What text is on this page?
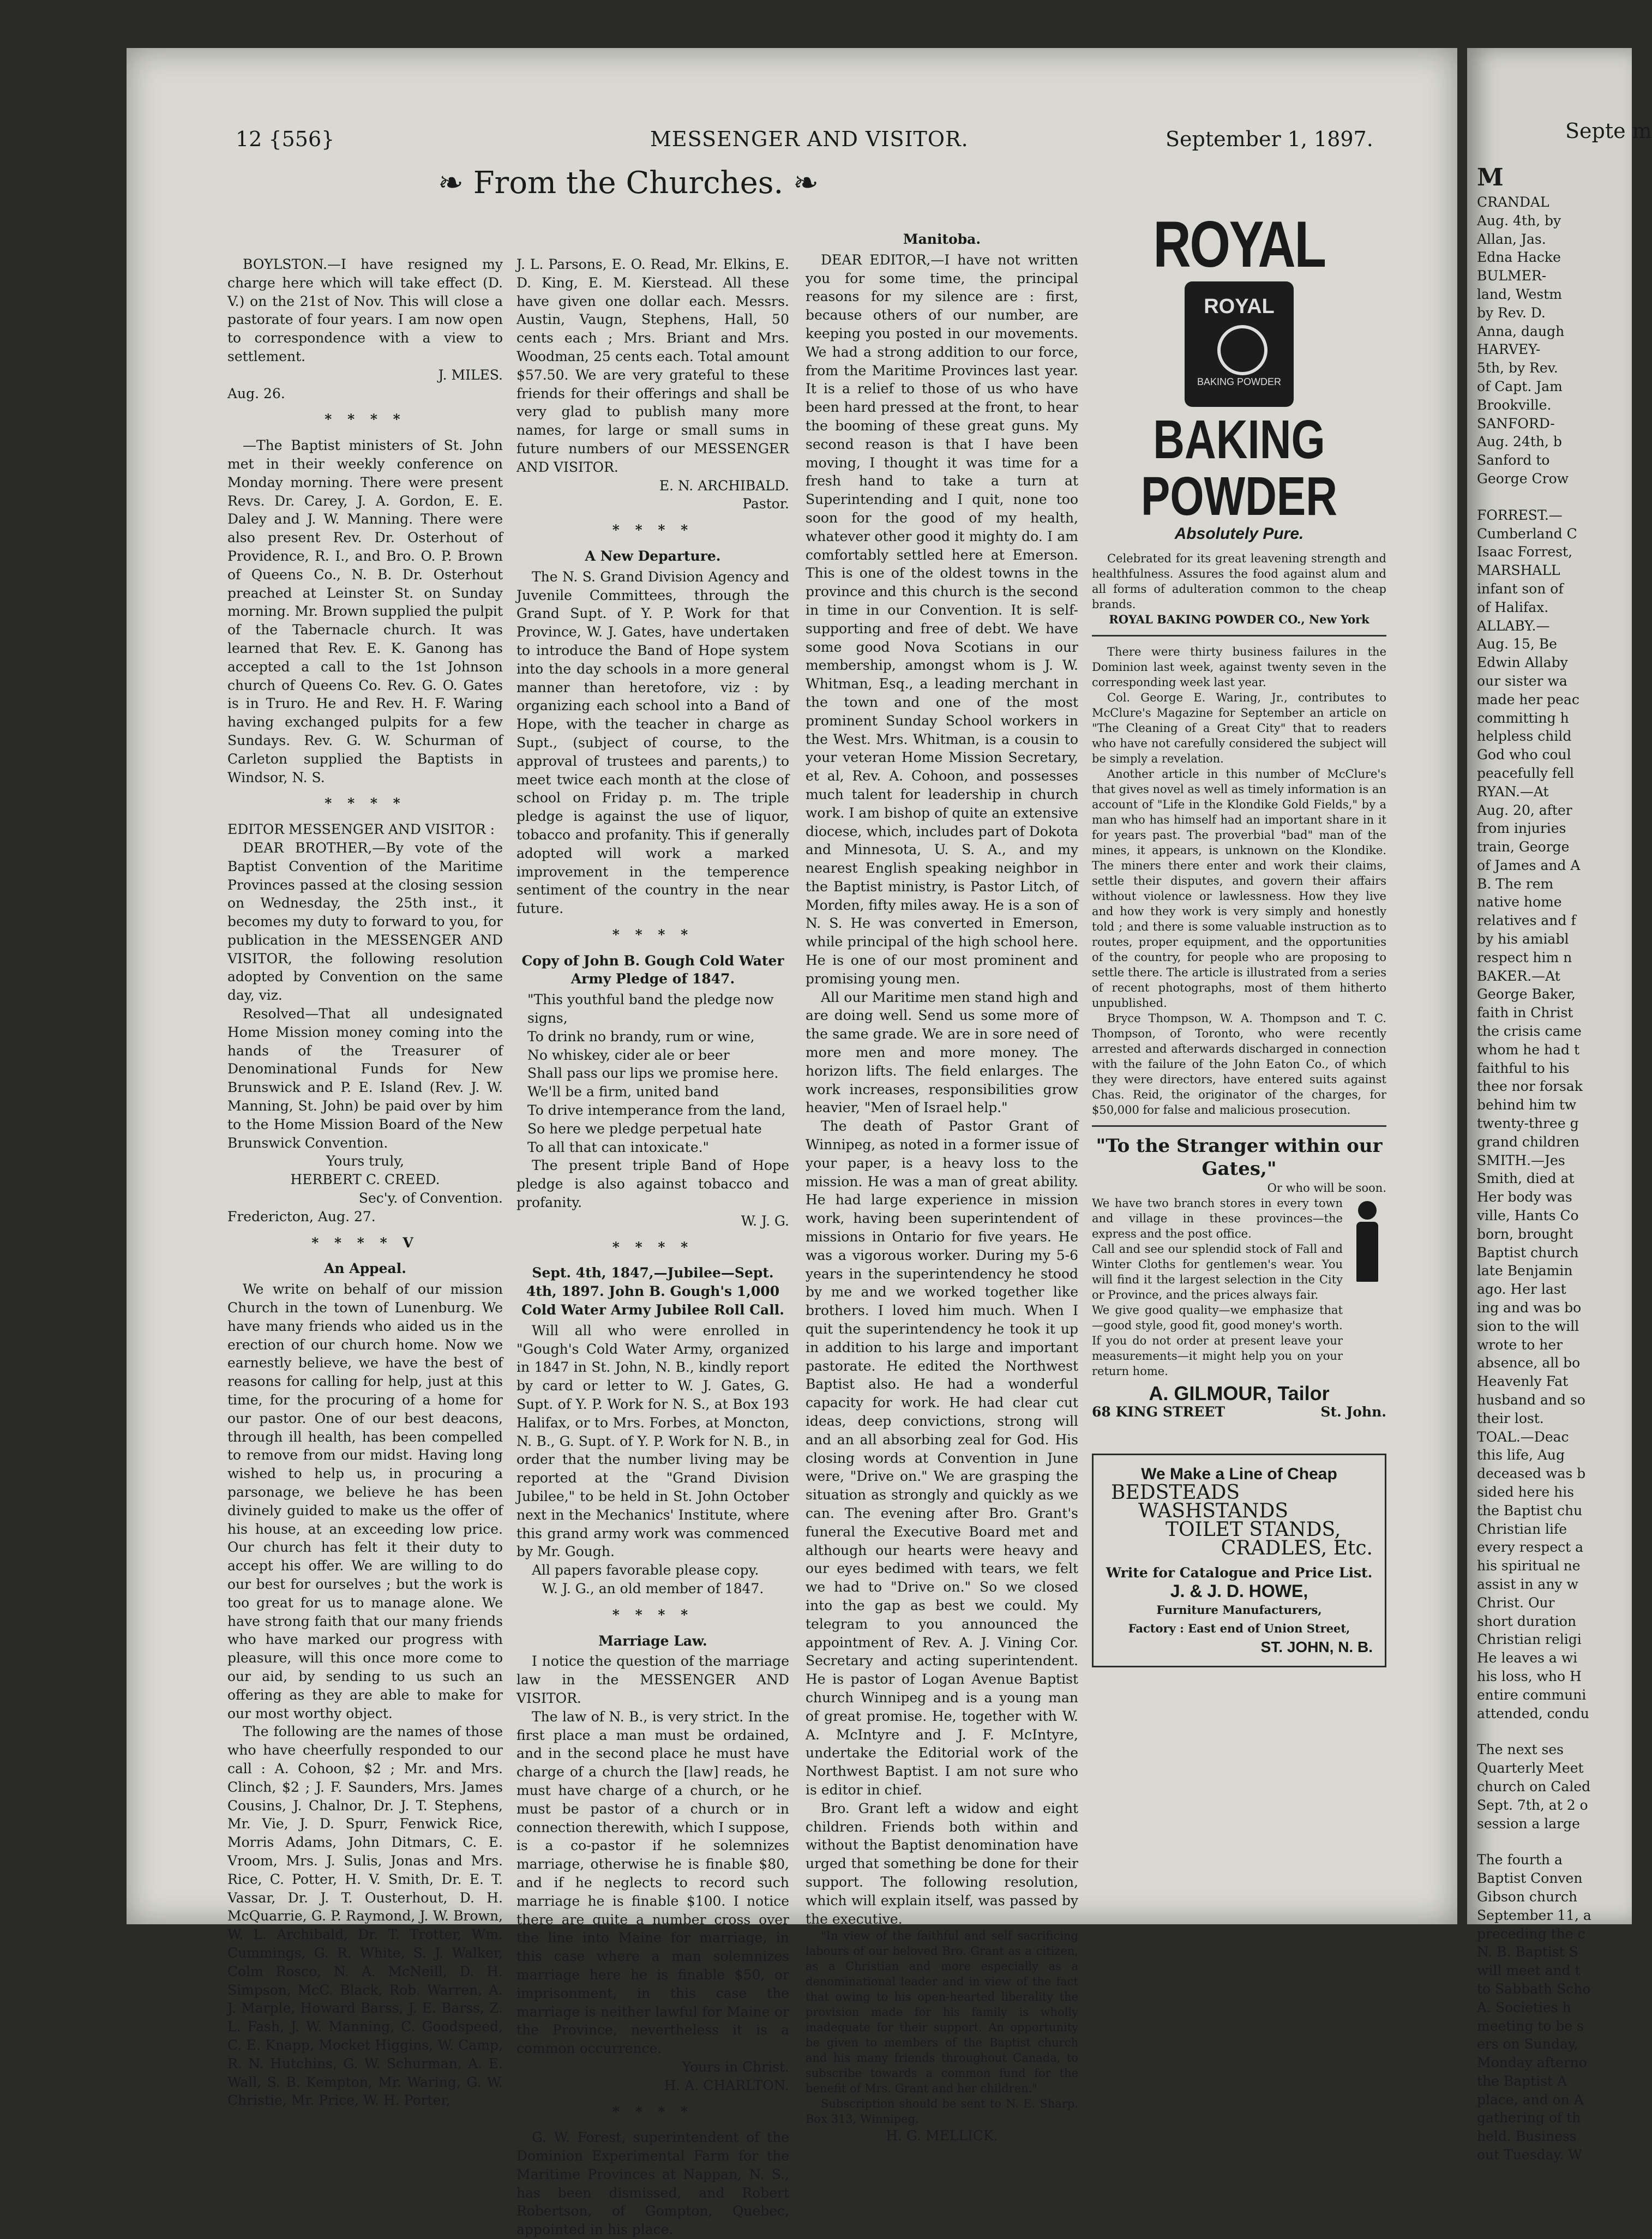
12 {556}	MESSENGER AND VISITOR.	September 1, 1897.
❧ From the Churches. ❧

BOYLSTON.—I have resigned my charge here which will take effect (D. V.) on the 21st of Nov. This will close a pastorate of four years. I am now open to correspondence with a view to settlement.

J. MILES.

Aug. 26.

* * * *

—The Baptist ministers of St. John met in their weekly conference on Monday morning. There were present Revs. Dr. Carey, J. A. Gordon, E. E. Daley and J. W. Manning. There were also present Rev. Dr. Osterhout of Providence, R. I., and Bro. O. P. Brown of Queens Co., N. B. Dr. Osterhout preached at Leinster St. on Sunday morning. Mr. Brown supplied the pulpit of the Tabernacle church. It was learned that Rev. E. K. Ganong has accepted a call to the 1st Johnson church of Queens Co. Rev. G. O. Gates is in Truro. He and Rev. H. F. Waring having exchanged pulpits for a few Sundays. Rev. G. W. Schurman of Carleton supplied the Baptists in Windsor, N. S.

* * * *

EDITOR MESSENGER AND VISITOR :

DEAR BROTHER,—By vote of the Baptist Convention of the Maritime Provinces passed at the closing session on Wednesday, the 25th inst., it becomes my duty to forward to you, for publication in the MESSENGER AND VISITOR, the following resolution adopted by Convention on the same day, viz.

Resolved—That all undesignated Home Mission money coming into the hands of the Treasurer of Denominational Funds for New Brunswick and P. E. Island (Rev. J. W. Manning, St. John) be paid over by him to the Home Mission Board of the New Brunswick Convention.

Yours truly,

HERBERT C. CREED.

Sec'y. of Convention.

Fredericton, Aug. 27.

* * * * V
An Appeal.

We write on behalf of our mission Church in the town of Lunenburg. We have many friends who aided us in the erection of our church home. Now we earnestly believe, we have the best of reasons for calling for help, just at this time, for the procuring of a home for our pastor. One of our best deacons, through ill health, has been compelled to remove from our midst. Having long wished to help us, in procuring a parsonage, we believe he has been divinely guided to make us the offer of his house, at an exceeding low price. Our church has felt it their duty to accept his offer. We are willing to do our best for ourselves ; but the work is too great for us to manage alone. We have strong faith that our many friends who have marked our progress with pleasure, will this once more come to our aid, by sending to us such an offering as they are able to make for our most worthy object.

The following are the names of those who have cheerfully responded to our call : A. Cohoon, $2 ; Mr. and Mrs. Clinch, $2 ; J. F. Saunders, Mrs. James Cousins, J. Chalnor, Dr. J. T. Stephens, Mr. Vie, J. D. Spurr, Fenwick Rice, Morris Adams, John Ditmars, C. E. Vroom, Mrs. J. Sulis, Jonas and Mrs. Rice, C. Potter, H. V. Smith, Dr. E. T. Vassar, Dr. J. T. Ousterhout, D. H. McQuarrie, G. P. Raymond, J. W. Brown, W. L. Archibald, Dr. T. Trotter, Wm. Cummings, G. R. White, S. J. Walker, Colm Rosco, N. A. McNeill, D. H. Simpson, McC. Black, Rob. Warren, A. J. Marple, Howard Barss, J. E. Barss, Z. L. Fash, J. W. Manning, C. Goodspeed, C. E. Knapp, Mocket Higgins, W. Camp, R. N. Hutchins, G. W. Schurman, A. E. Wall, S. B. Kempton, Mr. Waring, G. W. Christie, Mr. Price, W. H. Porter,

J. L. Parsons, E. O. Read, Mr. Elkins, E. D. King, E. M. Kierstead. All these have given one dollar each. Messrs. Austin, Vaugn, Stephens, Hall, 50 cents each ; Mrs. Briant and Mrs. Woodman, 25 cents each. Total amount $57.50. We are very grateful to these friends for their offerings and shall be very glad to publish many more names, for large or small sums in future numbers of our MESSENGER AND VISITOR.

E. N. ARCHIBALD.

Pastor.

* * * *
A New Departure.

The N. S. Grand Division Agency and Juvenile Committees, through the Grand Supt. of Y. P. Work for that Province, W. J. Gates, have undertaken to introduce the Band of Hope system into the day schools in a more general manner than heretofore, viz : by organizing each school into a Band of Hope, with the teacher in charge as Supt., (subject of course, to the approval of trustees and parents,) to meet twice each month at the close of school on Friday p. m. The triple pledge is against the use of liquor, tobacco and profanity. This if generally adopted will work a marked improvement in the temperence sentiment of the country in the near future.

* * * *
Copy of John B. Gough Cold Water Army Pledge of 1847.

"This youthful band the pledge now signs,

To drink no brandy, rum or wine,

No whiskey, cider ale or beer

Shall pass our lips we promise here.

We'll be a firm, united band

To drive intemperance from the land,

So here we pledge perpetual hate

To all that can intoxicate."

The present triple Band of Hope pledge is also against tobacco and profanity.

W. J. G.

* * * *
Sept. 4th, 1847,—Jubilee—Sept. 4th, 1897. John B. Gough's 1,000 Cold Water Army Jubilee Roll Call.

Will all who were enrolled in "Gough's Cold Water Army, organized in 1847 in St. John, N. B., kindly report by card or letter to W. J. Gates, G. Supt. of Y. P. Work for N. S., at Box 193 Halifax, or to Mrs. Forbes, at Moncton, N. B., G. Supt. of Y. P. Work for N. B., in order that the number living may be reported at the "Grand Division Jubilee," to be held in St. John October next in the Mechanics' Institute, where this grand army work was commenced by Mr. Gough.

All papers favorable please copy.

W. J. G., an old member of 1847.

* * * *
Marriage Law.

I notice the question of the marriage law in the MESSENGER AND VISITOR.

The law of N. B., is very strict. In the first place a man must be ordained, and in the second place he must have charge of a church the [law] reads, he must have charge of a church, or he must be pastor of a church or in connection therewith, which I suppose, is a co-pastor if he solemnizes marriage, otherwise he is finable $80, and if he neglects to record such marriage he is finable $100. I notice there are quite a number cross over the line into Maine for marriage, in this case where a man solemnizes marriage here he is finable $50, or imprisonment, in this case the marriage is neither lawful for Maine or the Province, nevertheless it is a common occurrence.

Yours in Christ.

H. A. CHARLTON.

* * * *

G. W. Forest, superintendent of the Dominion Experimental Farm for the Maritime Provinces at Nappan, N. S., has been dismissed, and Robert Robertson, of Gompton, Quebec, appointed in his place.

Manitoba.

DEAR EDITOR,—I have not written you for some time, the principal reasons for my silence are : first, because others of our number, are keeping you posted in our movements. We had a strong addition to our force, from the Maritime Provinces last year. It is a relief to those of us who have been hard pressed at the front, to hear the booming of these great guns. My second reason is that I have been moving, I thought it was time for a fresh hand to take a turn at Superintending and I quit, none too soon for the good of my health, whatever other good it mighty do. I am comfortably settled here at Emerson. This is one of the oldest towns in the province and this church is the second in time in our Convention. It is self-supporting and free of debt. We have some good Nova Scotians in our membership, amongst whom is J. W. Whitman, Esq., a leading merchant in the town and one of the most prominent Sunday School workers in the West. Mrs. Whitman, is a cousin to your veteran Home Mission Secretary, et al, Rev. A. Cohoon, and possesses much talent for leadership in church work. I am bishop of quite an extensive diocese, which, includes part of Dokota and Minnesota, U. S. A., and my nearest English speaking neighbor in the Baptist ministry, is Pastor Litch, of Morden, fifty miles away. He is a son of N. S. He was converted in Emerson, while principal of the high school here. He is one of our most prominent and promising young men.

All our Maritime men stand high and are doing well. Send us some more of the same grade. We are in sore need of more men and more money. The horizon lifts. The field enlarges. The work increases, responsibilities grow heavier, "Men of Israel help."

The death of Pastor Grant of Winnipeg, as noted in a former issue of your paper, is a heavy loss to the mission. He was a man of great ability. He had large experience in mission work, having been superintendent of missions in Ontario for five years. He was a vigorous worker. During my 5-6 years in the superintendency he stood by me and we worked together like brothers. I loved him much. When I quit the superintendency he took it up in addition to his large and important pastorate. He edited the Northwest Baptist also. He had a wonderful capacity for work. He had clear cut ideas, deep convictions, strong will and an all absorbing zeal for God. His closing words at Convention in June were, "Drive on." We are grasping the situation as strongly and quickly as we can. The evening after Bro. Grant's funeral the Executive Board met and although our hearts were heavy and our eyes bedimed with tears, we felt we had to "Drive on." So we closed into the gap as best we could. My telegram to you announced the appointment of Rev. A. J. Vining Cor. Secretary and acting superintendent. He is pastor of Logan Avenue Baptist church Winnipeg and is a young man of great promise. He, together with W. A. McIntyre and J. F. McIntyre, undertake the Editorial work of the Northwest Baptist. I am not sure who is editor in chief.

Bro. Grant left a widow and eight children. Friends both within and without the Baptist denomination have urged that something be done for their support. The following resolution, which will explain itself, was passed by the executive.

"In view of the faithful and self sacrificing labours of our beloved Bro. Grant as a citizen, as a Christian and more especially as a denominational leader and in view of the fact that owing to his open-hearted liberality the provision made for his family is wholly inadequate for their support. An opportunity be given to members of the Baptist church and his many friends throughout Canada, to subscribe towards a common fund for the benefit of Mrs. Grant and her children."

Subscription should be sent to N. E. Sharp. Box 313, Winnipeg.

H. G. MELLICK.

ROYAL
ROYAL
BAKING POWDER
BAKING
POWDER
Absolutely Pure.

Celebrated for its great leavening strength and healthfulness. Assures the food against alum and all forms of adulteration common to the cheap brands.

ROYAL BAKING POWDER CO., New York

There were thirty business failures in the Dominion last week, against twenty seven in the corresponding week last year.

Col. George E. Waring, Jr., contributes to McClure's Magazine for September an article on "The Cleaning of a Great City" that to readers who have not carefully considered the subject will be simply a revelation.

Another article in this number of McClure's that gives novel as well as timely information is an account of "Life in the Klondike Gold Fields," by a man who has himself had an important share in it for years past. The proverbial "bad" man of the mines, it appears, is unknown on the Klondike. The miners there enter and work their claims, settle their disputes, and govern their affairs without violence or lawlessness. How they live and how they work is very simply and honestly told ; and there is some valuable instruction as to routes, proper equipment, and the opportunities of the country, for people who are proposing to settle there. The article is illustrated from a series of recent photographs, most of them hitherto unpublished.

Bryce Thompson, W. A. Thompson and T. C. Thompson, of Toronto, who were recently arrested and afterwards discharged in connection with the failure of the John Eaton Co., of which they were directors, have entered suits against Chas. Reid, the originator of the charges, for $50,000 for false and malicious prosecution.

"To the Stranger within our Gates,"

Or who will be soon.

We have two branch stores in every town and village in these provinces—the express and the post office.

Call and see our splendid stock of Fall and Winter Cloths for gentlemen's wear. You will find it the largest selection in the City or Province, and the prices always fair.

We give good quality—we emphasize that —good style, good fit, good money's worth.

If you do not order at present leave your measurements—it might help you on your return home.

A. GILMOUR, Tailor
68 KING STREET	St. John.
We Make a Line of Cheap
BEDSTEADS
WASHSTANDS
TOILET STANDS,
CRADLES, Etc.
Write for Catalogue and Price List.
J. & J. D. HOWE,
Furniture Manufacturers,
Factory : East end of Union Street,
ST. JOHN, N. B.
Septe m

M

CRANDAL

Aug. 4th, by

Allan, Jas.

Edna Hacke

BULMER-

land, Westm

by Rev. D.

Anna, daugh

HARVEY-

5th, by Rev.

of Capt. Jam

Brookville.

SANFORD-

Aug. 24th, b

Sanford to

George Crow

FORREST.—

Cumberland C

Isaac Forrest,

MARSHALL

infant son of

of Halifax.

ALLABY.—

Aug. 15, Be

Edwin Allaby

our sister wa

made her peac

committing h

helpless child

God who coul

peacefully fell

RYAN.—At

Aug. 20, after

from injuries

train, George

of James and A

B. The rem

native home

relatives and f

by his amiabl

respect him n

BAKER.—At

George Baker,

faith in Christ

the crisis came

whom he had t

faithful to his

thee nor forsak

behind him tw

twenty-three g

grand children

SMITH.—Jes

Smith, died at

Her body was

ville, Hants Co

born, brought

Baptist church

late Benjamin

ago. Her last

ing and was bo

sion to the will

wrote to her

absence, all bo

Heavenly Fat

husband and so

their lost.

TOAL.—Deac

this life, Aug

deceased was b

sided here his

the Baptist chu

Christian life

every respect a

his spiritual ne

assist in any w

Christ. Our

short duration

Christian religi

He leaves a wi

his loss, who H

entire communi

attended, condu

The next ses

Quarterly Meet

church on Caled

Sept. 7th, at 2 o

session a large

The fourth a

Baptist Conven

Gibson church

September 11, a

preceding the c

N. B. Baptist S

will meet and t

to Sabbath Scho

A. Societies h

meeting to be s

ers on Sunday,

Monday afterno

the Baptist A

place, and on A

gathering of th

held. Business

out Tuesday. W
